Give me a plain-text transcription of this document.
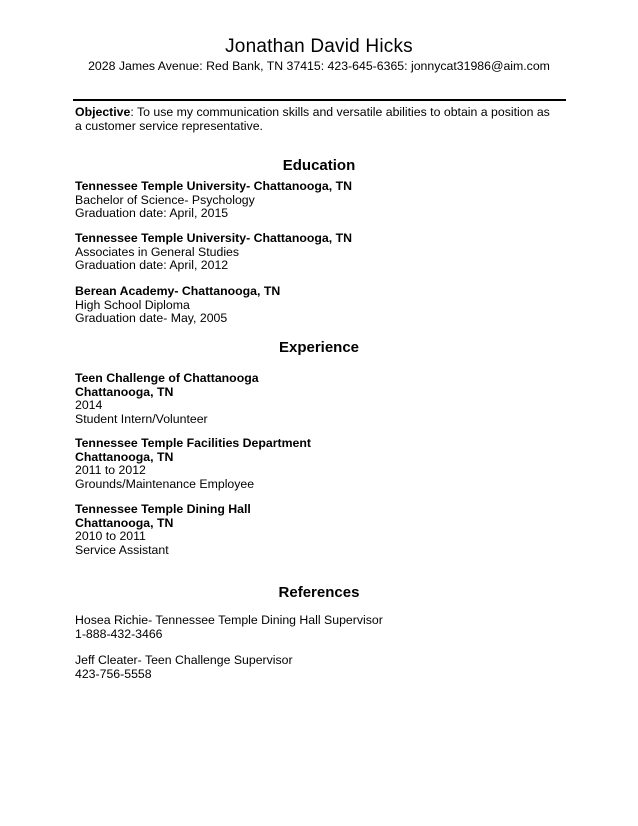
Jonathan David Hicks
2028 James Avenue: Red Bank, TN 37415: 423-645-6365: jonnycat31986@aim.com
Objective: To use my communication skills and versatile abilities to obtain a position as a customer service representative.
Education
Tennessee Temple University- Chattanooga, TN
Bachelor of Science- Psychology
Graduation date: April, 2015
Tennessee Temple University- Chattanooga, TN
Associates in General Studies
Graduation date: April, 2012
Berean Academy- Chattanooga, TN
High School Diploma
Graduation date- May, 2005
Experience
Teen Challenge of Chattanooga
Chattanooga, TN
2014
Student Intern/Volunteer
Tennessee Temple Facilities Department
Chattanooga, TN
2011 to 2012
Grounds/Maintenance Employee
Tennessee Temple Dining Hall
Chattanooga, TN
2010 to 2011
Service Assistant
References
Hosea Richie- Tennessee Temple Dining Hall Supervisor
1-888-432-3466
Jeff Cleater- Teen Challenge Supervisor
423-756-5558
